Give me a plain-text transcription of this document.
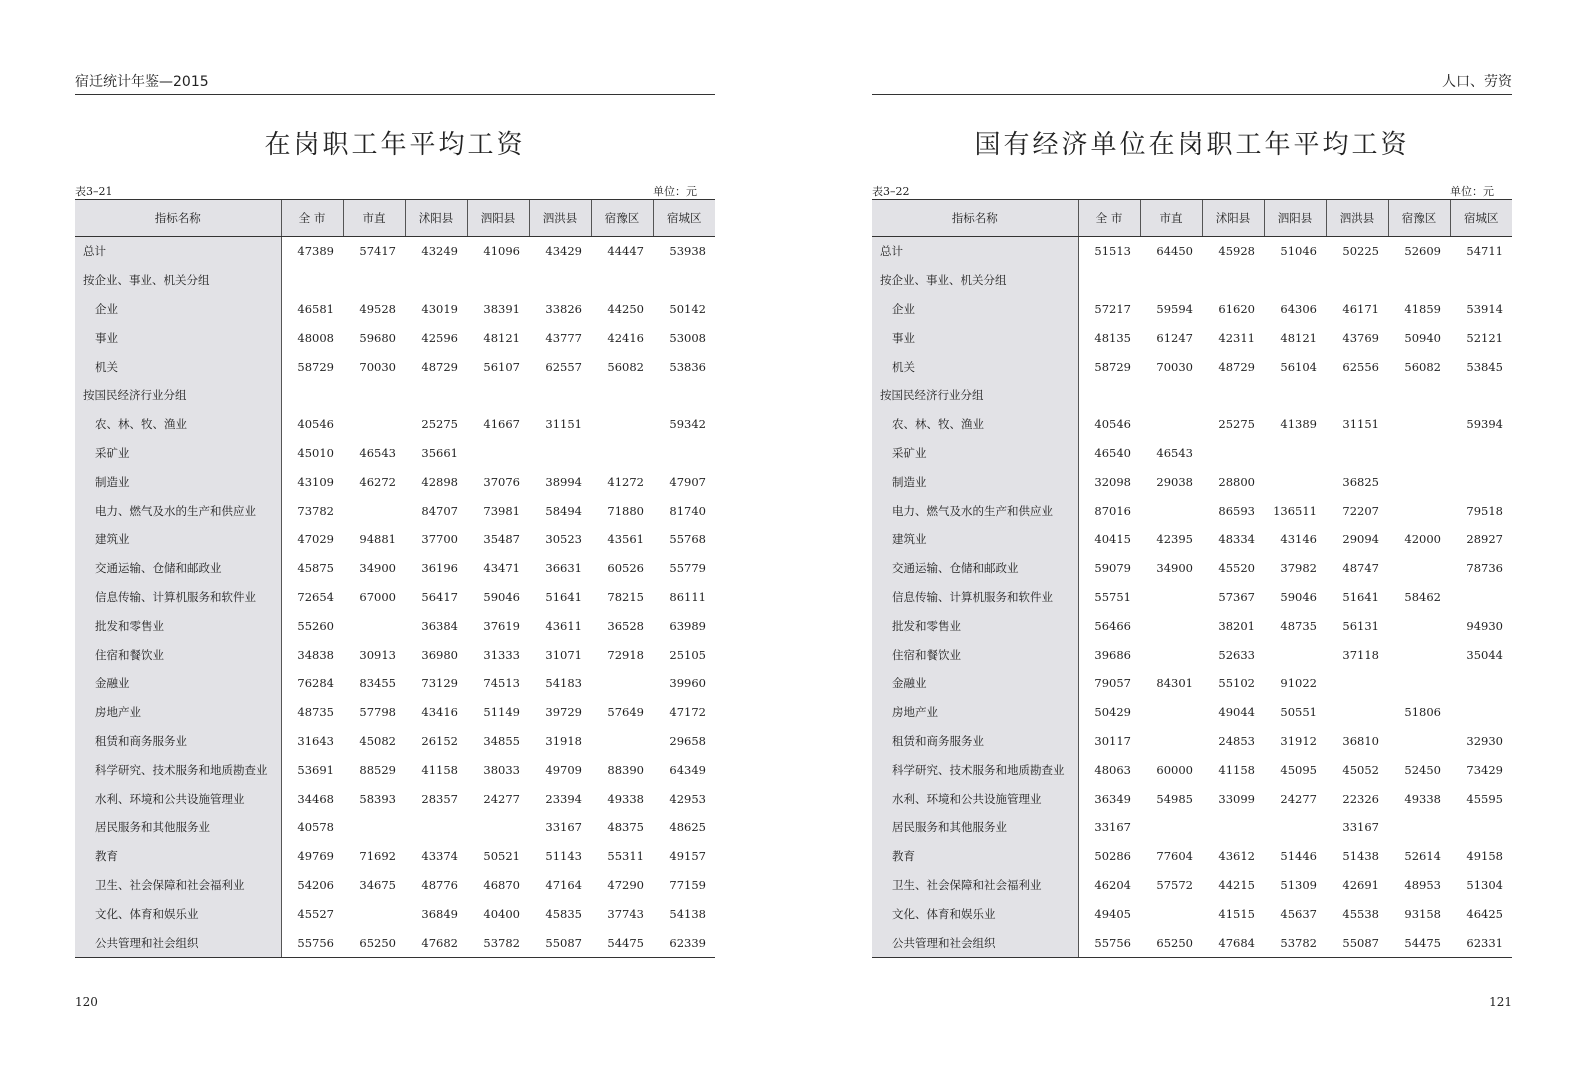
宿迁统计年鉴—2015
在岗职工年平均工资
表3–21	单位：元
指标名称	全 市	市直	沭阳县	泗阳县	泗洪县	宿豫区	宿城区
总计	47389	57417	43249	41096	43429	44447	53938
按企业、事业、机关分组							
企业	46581	49528	43019	38391	33826	44250	50142
事业	48008	59680	42596	48121	43777	42416	53008
机关	58729	70030	48729	56107	62557	56082	53836
按国民经济行业分组							
农、林、牧、渔业	40546		25275	41667	31151		59342
采矿业	45010	46543	35661				
制造业	43109	46272	42898	37076	38994	41272	47907
电力、燃气及水的生产和供应业	73782		84707	73981	58494	71880	81740
建筑业	47029	94881	37700	35487	30523	43561	55768
交通运输、仓储和邮政业	45875	34900	36196	43471	36631	60526	55779
信息传输、计算机服务和软件业	72654	67000	56417	59046	51641	78215	86111
批发和零售业	55260		36384	37619	43611	36528	63989
住宿和餐饮业	34838	30913	36980	31333	31071	72918	25105
金融业	76284	83455	73129	74513	54183		39960
房地产业	48735	57798	43416	51149	39729	57649	47172
租赁和商务服务业	31643	45082	26152	34855	31918		29658
科学研究、技术服务和地质勘查业	53691	88529	41158	38033	49709	88390	64349
水利、环境和公共设施管理业	34468	58393	28357	24277	23394	49338	42953
居民服务和其他服务业	40578				33167	48375	48625
教育	49769	71692	43374	50521	51143	55311	49157
卫生、社会保障和社会福利业	54206	34675	48776	46870	47164	47290	77159
文化、体育和娱乐业	45527		36849	40400	45835	37743	54138
公共管理和社会组织	55756	65250	47682	53782	55087	54475	62339
120
人口、劳资
国有经济单位在岗职工年平均工资
表3–22	单位：元
指标名称	全 市	市直	沭阳县	泗阳县	泗洪县	宿豫区	宿城区
总计	51513	64450	45928	51046	50225	52609	54711
按企业、事业、机关分组							
企业	57217	59594	61620	64306	46171	41859	53914
事业	48135	61247	42311	48121	43769	50940	52121
机关	58729	70030	48729	56104	62556	56082	53845
按国民经济行业分组							
农、林、牧、渔业	40546		25275	41389	31151		59394
采矿业	46540	46543					
制造业	32098	29038	28800		36825		
电力、燃气及水的生产和供应业	87016		86593	136511	72207		79518
建筑业	40415	42395	48334	43146	29094	42000	28927
交通运输、仓储和邮政业	59079	34900	45520	37982	48747		78736
信息传输、计算机服务和软件业	55751		57367	59046	51641	58462	
批发和零售业	56466		38201	48735	56131		94930
住宿和餐饮业	39686		52633		37118		35044
金融业	79057	84301	55102	91022			
房地产业	50429		49044	50551		51806	
租赁和商务服务业	30117		24853	31912	36810		32930
科学研究、技术服务和地质勘查业	48063	60000	41158	45095	45052	52450	73429
水利、环境和公共设施管理业	36349	54985	33099	24277	22326	49338	45595
居民服务和其他服务业	33167				33167		
教育	50286	77604	43612	51446	51438	52614	49158
卫生、社会保障和社会福利业	46204	57572	44215	51309	42691	48953	51304
文化、体育和娱乐业	49405		41515	45637	45538	93158	46425
公共管理和社会组织	55756	65250	47684	53782	55087	54475	62331
121
